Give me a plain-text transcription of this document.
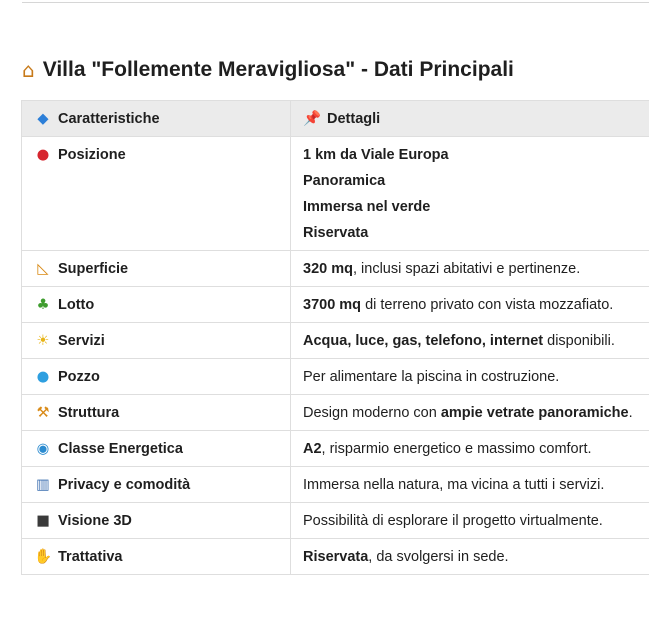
⌂ Villa "Follemente Meravigliosa" - Dati Principali
◆ Caratteristiche	📌 Dettagli
● Posizione	1 km da Viale Europa
Panoramica
Immersa nel verde
Riservata

◺ Superficie	320 mq, inclusi spazi abitativi e pertinenze.
♣ Lotto	3700 mq di terreno privato con vista mozzafiato.
☀ Servizi	Acqua, luce, gas, telefono, internet disponibili.
● Pozzo	Per alimentare la piscina in costruzione.
⚒ Struttura	Design moderno con ampie vetrate panoramiche.
◉ Classe Energetica	A2, risparmio energetico e massimo comfort.
▥ Privacy e comodità	Immersa nella natura, ma vicina a tutti i servizi.
■ Visione 3D	Possibilità di esplorare il progetto virtualmente.
✋ Trattativa	Riservata, da svolgersi in sede.
